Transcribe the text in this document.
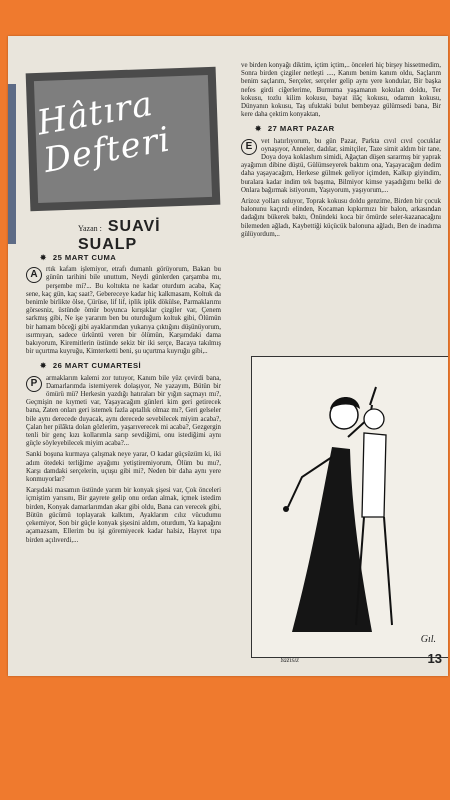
Hâtıra Defteri
Yazan : SUAVİ SUALP
✸ 25 MART CUMA

A	rtık kafam işlemiyor, etrafı dumanlı görüyorum, Bakan bu günün tarihini bile unuttum, Neydi günlerden çarşamba mı, perşembe mi?... Bu koltukta ne kadar oturdum acaba, Kaç sene, kaç gün, kaç saat?, Gebereceye kadar hiç kalkmasam, Koltuk da benimle birlikte ölse, Çürüse, lif lif, iplik iplik dökülse, Parmaklarımı görsesniz, üstünde ömür boyunca kırışıklar çizgiler var, Çenem sarkmış gibi, Ne işe yararım ben bu oturduğum koltuk gibi, Ölümün bir hamam böceği gibi ayaklarımdan yukarıya çıktığını düşünüyorum, ısırmıyan, sadece ürküntü veren bir ölümün, Karşımdaki dama bakıyorum, Kiremitlerin üstünde sekiz bir iki serçe, Bacaya takılmış bir uçurtma kuyruğu, Kimterketti beni, şu uçurtma kuyruğu gibi,..

✸ 26 MART CUMARTESİ

P	armaklarım kalemi zor tutuyor, Kanım bile yüz çevirdi bana, Damarlarımda istemiyerek dolaşıyor, Ne yazayım, Bütün bir ömürü mü? Herkesin yazdığı hatıraları bir yığın saçmayı mı?, Geçmişin ne kıymeti var, Yaşayacağım günleri kim geri getirecek bana, Zaten onları geri istemek fazla aptallık olmaz mı?, Geri gelseler bile aynı derecede duyacak, aynı derecede sevebilecek miyim acaba?, Çalan her pilâkta dolan gözlerim, yaşarıverecek mi acaba?, Gezgergin tenli bir genç kızı kollarımla sarıp sevdiğimi, onu istediğimi aynı güçle söyleyebilecek miyim acaba?...

Sanki boşuna kurmaya çalışmak neye yarar, O kadar güçsüzüm ki, iki adım ötedeki terliğime ayağımı yetiştiremiyorum, Ölüm bu mu?, Karşı damdaki serçelerin, uçuşu gibi mi?, Neden bir daha aynı yere konmuyorlar?

Karşıdaki masamın üstünde yarım bir konyak şişesi var, Çok önceleri içmiştim yarısını, Bir gayrete gelip onu ordan almak, içmek istedim birden, Konyak damarlarımdan akar gibi oldu, Bana can verecek gibi, Bütün gücümü toplayarak kalktım, Ayaklarım cılız vücudumu çekemiyor, Son bir güçle konyak şişesini aldım, oturdum, Ya kapağını açamazsam, Ellerim bu işi göremiyecek kadar halsiz, Hayret tıpa birden açılıverdi,...

ve birden konyağı diktim, içtim içtim,.. önceleri hiç birşey hissetmedim, Sonra birden çizgiler netleşti ...., Kanım benim kanım oldu, Saçlarım benim saçlarım, Serçeler, serçeler gelip aynı yere kondular, Bir başka nefes girdi ciğerlerime, Burnuma yaşamanın kokuları doldu, Ter kokusu, tozlu kilim kokusu, bayat ilâç kokusu, odamın kokusu, Dünyanın kokusu, Taş ufuktaki bulut bembeyaz gülümsedi bana, Bir kere daha çektim konyaktan,

✸ 27 MART PAZAR

E	vet hatırlıyorum, bu gün Pazar, Parkta cıvıl cıvıl çocuklar oynaşıyor, Anneler, dadılar, simitçiler, Taze simit aldım bir tane, Doya doya koklashım simidi, Ağaçtan düşen sararmış bir yaprak ayağımın dibine düştü, Gülümseyerek baktım ona, Yaşayacağım dedim daha yaşayacağım, Herkese gülmek geliyor içimden, Kalkıp giyindim, buralara kadar indim tek başıma, Bilmiyor kimse yaşadığımı belki de Onlara bağırmak istiyorum, Yaşıyorum, yaşıyorum,...

Arizoz yolları suluyor, Toprak kokusu doldu genzime, Birden bir çocuk balonunu kaçırdı elinden, Kocaman kıpkırmızı bir balon, arkasından dadağını bükerek baktı, Önündeki koca bir ömürde seler-kazanacağını bilemeden ağladı, Kaybettiği küçücük balonuna ağladı, Ben de inadıma gülüyordum,..

Gıl.
Yazısız	13
